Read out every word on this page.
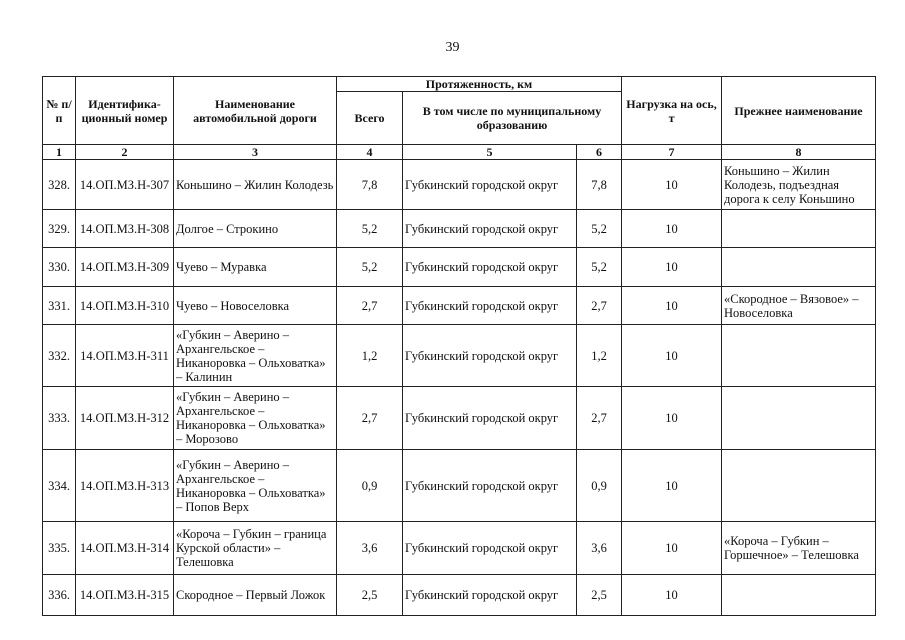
39
№ п/п	Идентифика-ционный номер	Наименование автомобильной дороги	Протяженность, км			Нагрузка на ось, т	Прежнее наименование
			Всего	В том числе по муниципальному образованию			
1	2	3	4	5	6	7	8
328.	14.ОП.МЗ.Н-307	Коньшино – Жилин Колодезь	7,8	Губкинский городской округ	7,8	10	Коньшино – Жилин Колодезь, подъездная дорога к селу Коньшино
329.	14.ОП.МЗ.Н-308	Долгое – Строкино	5,2	Губкинский городской округ	5,2	10	
330.	14.ОП.МЗ.Н-309	Чуево – Муравка	5,2	Губкинский городской округ	5,2	10	
331.	14.ОП.МЗ.Н-310	Чуево – Новоселовка	2,7	Губкинский городской округ	2,7	10	«Скородное – Вязовое» – Новоселовка
332.	14.ОП.МЗ.Н-311	«Губкин – Аверино – Архангельское – Никаноровка – Ольховатка» – Калинин	1,2	Губкинский городской округ	1,2	10	
333.	14.ОП.МЗ.Н-312	«Губкин – Аверино – Архангельское – Никаноровка – Ольховатка» – Морозово	2,7	Губкинский городской округ	2,7	10	
334.	14.ОП.МЗ.Н-313	«Губкин – Аверино – Архангельское – Никаноровка – Ольховатка» – Попов Верх	0,9	Губкинский городской округ	0,9	10	
335.	14.ОП.МЗ.Н-314	«Короча – Губкин – граница Курской области» – Телешовка	3,6	Губкинский городской округ	3,6	10	«Короча – Губкин – Горшечное» – Телешовка
336.	14.ОП.МЗ.Н-315	Скородное – Первый Ложок	2,5	Губкинский городской округ	2,5	10	
